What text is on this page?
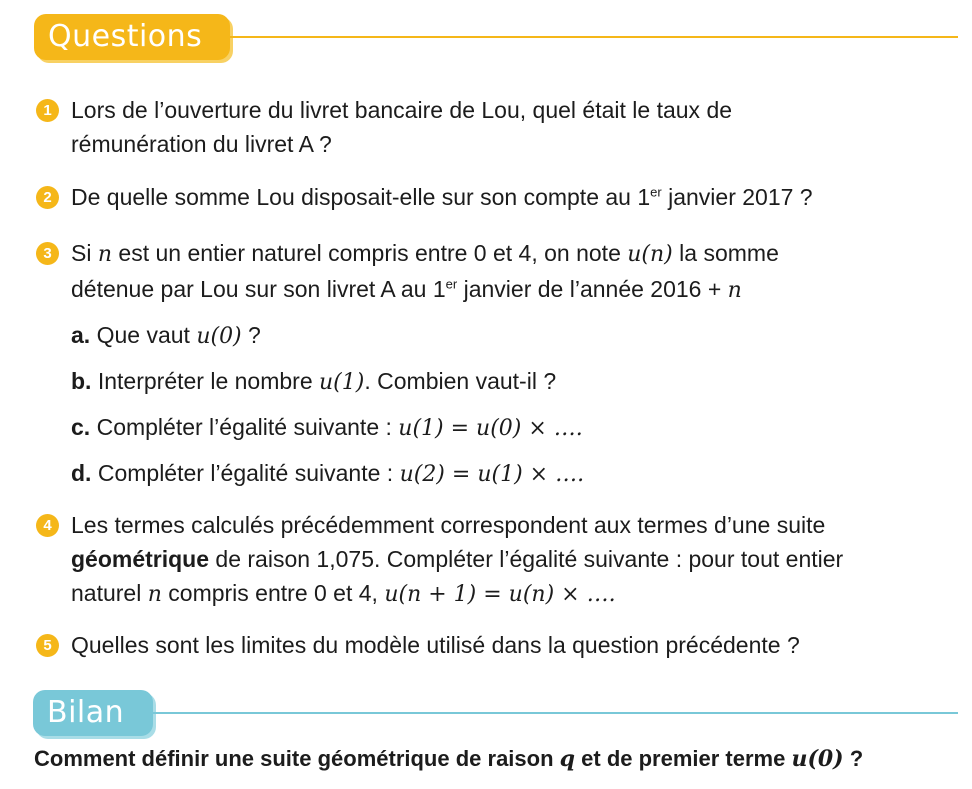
Questions
1 Lors de l’ouverture du livret bancaire de Lou, quel était le taux de
rémunération du livret A ?
2 De quelle somme Lou disposait-elle sur son compte au 1er janvier 2017 ?
3 Si n est un entier naturel compris entre 0 et 4, on note u(n) la somme
détenue par Lou sur son livret A au 1er janvier de l’année 2016 + n
a. Que vaut u(0) ?
b. Interpréter le nombre u(1). Combien vaut-il ?
c. Compléter l’égalité suivante : u(1) = u(0) × ….
d. Compléter l’égalité suivante : u(2) = u(1) × ….
4 Les termes calculés précédemment correspondent aux termes d’une suite
géométrique de raison 1,075. Compléter l’égalité suivante : pour tout entier
naturel n compris entre 0 et 4, u(n + 1) = u(n) × ….
5 Quelles sont les limites du modèle utilisé dans la question précédente ?
Bilan
Comment définir une suite géométrique de raison q et de premier terme u(0) ?
